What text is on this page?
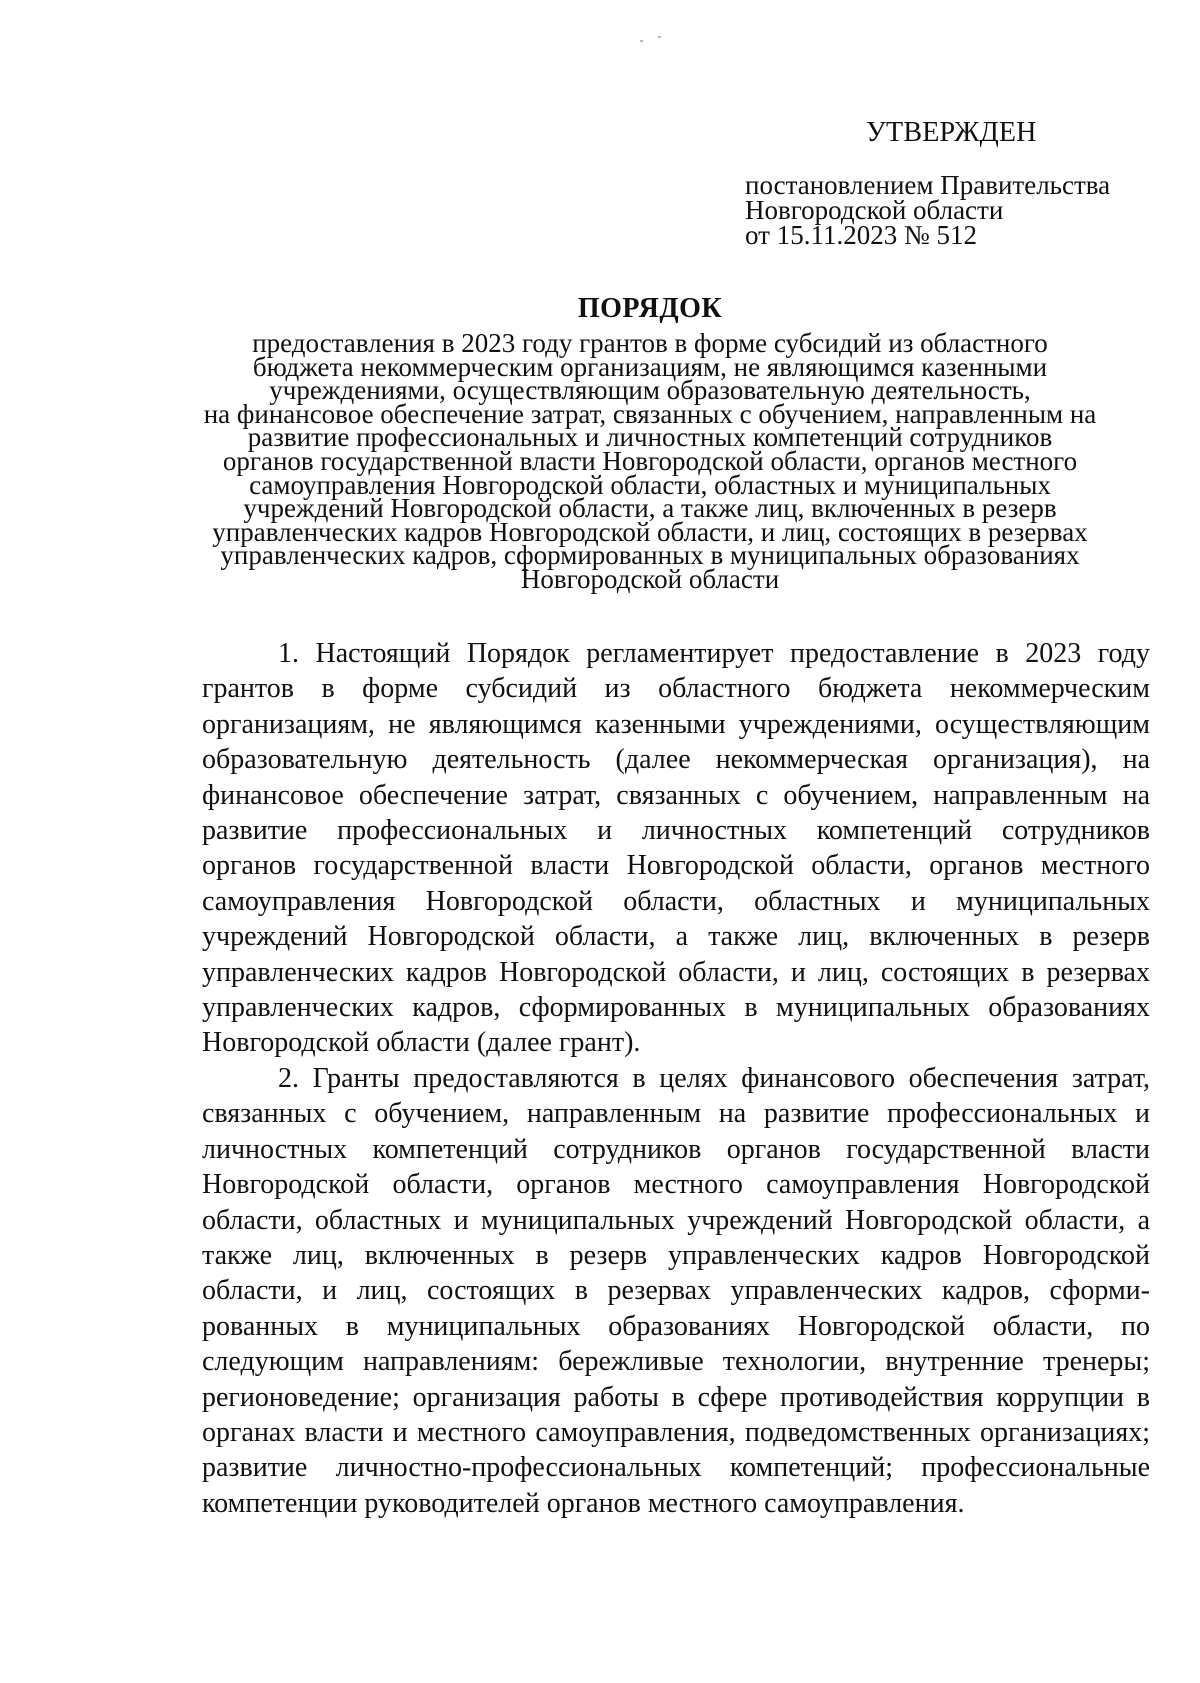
УТВЕРЖДЕН
постановлением Правительства
Новгородской области
от 15.11.2023 № 512
ПОРЯДОК
предоставления в 2023 году грантов в форме субсидий из областного
бюджета некоммерческим организациям, не являющимся казенными
учреждениями, осуществляющим образовательную деятельность,
на финансовое обеспечение затрат, связанных с обучением, направленным на
развитие профессиональных и личностных компетенций сотрудников
органов государственной власти Новгородской области, органов местного
самоуправления Новгородской области, областных и муниципальных
учреждений Новгородской области, а также лиц, включенных в резерв
управленческих кадров Новгородской области, и лиц, состоящих в резервах
управленческих кадров, сформированных в муниципальных образованиях
Новгородской области
1. Настоящий Порядок регламентирует предоставление в 2023 году
грантов в форме субсидий из областного бюджета некоммерческим
организациям, не являющимся казенными учреждениями, осуществляющим
образовательную деятельность (далее некоммерческая организация), на
финансовое обеспечение затрат, связанных с обучением, направленным на
развитие профессиональных и личностных компетенций сотрудников
органов государственной власти Новгородской области, органов местного
самоуправления Новгородской области, областных и муниципальных
учреждений Новгородской области, а также лиц, включенных в резерв
управленческих кадров Новгородской области, и лиц, состоящих в резервах
управленческих кадров, сформированных в муниципальных образованиях
Новгородской области (далее грант).
2. Гранты предоставляются в целях финансового обеспечения затрат,
связанных с обучением, направленным на развитие профессиональных и
личностных компетенций сотрудников органов государственной власти
Новгородской области, органов местного самоуправления Новгородской
области, областных и муниципальных учреждений Новгородской области, а
также лиц, включенных в резерв управленческих кадров Новгородской
области, и лиц, состоящих в резервах управленческих кадров, сформи-
рованных в муниципальных образованиях Новгородской области, по
следующим направлениям: бережливые технологии, внутренние тренеры;
регионоведение; организация работы в сфере противодействия коррупции в
органах власти и местного самоуправления, подведомственных организациях;
развитие личностно-профессиональных компетенций; профессиональные
компетенции руководителей органов местного самоуправления.
